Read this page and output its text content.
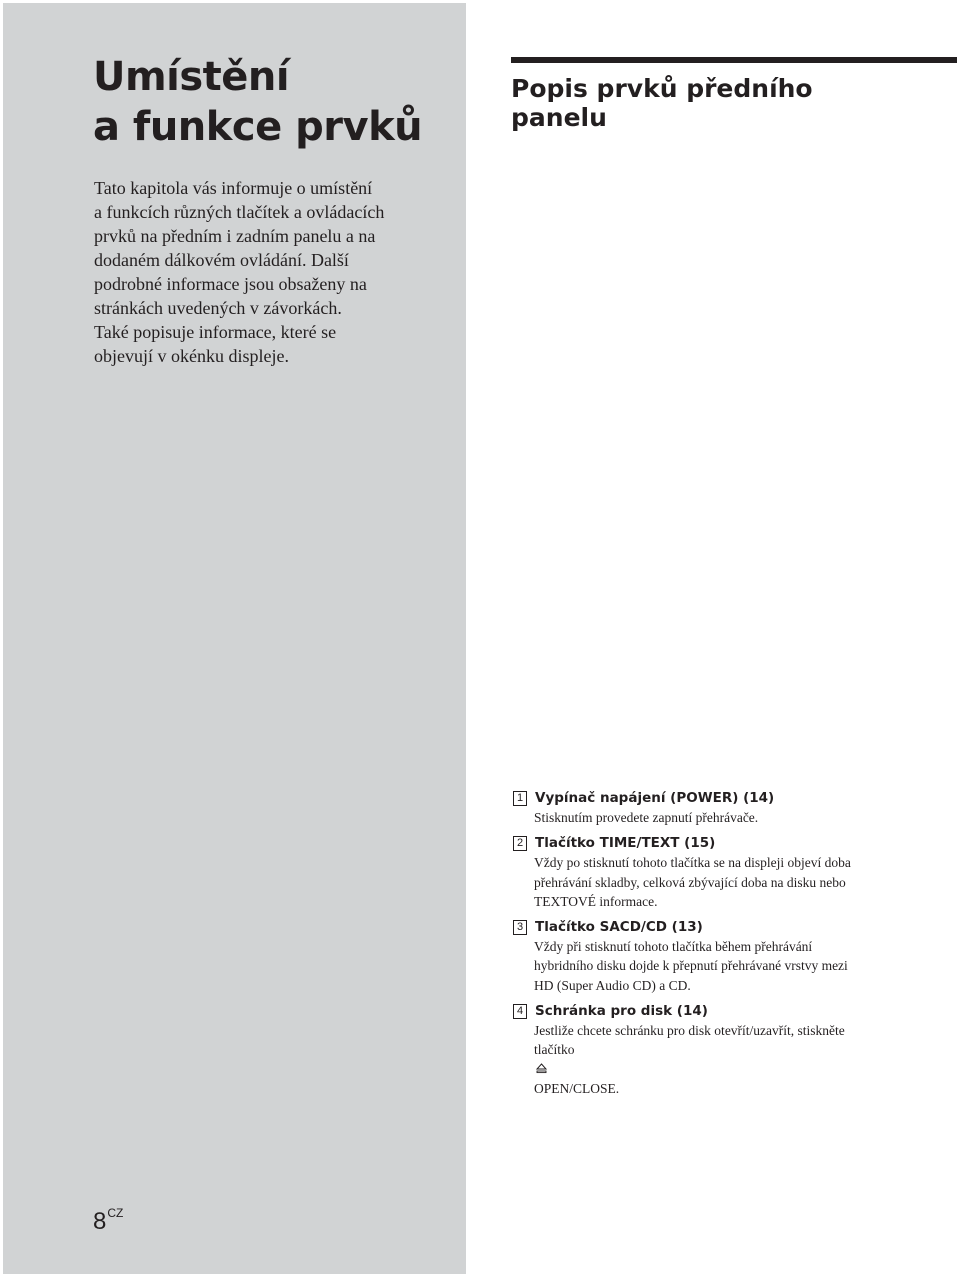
Umístění
a funkce prvků

Tato kapitola vás informuje o umístění
a funkcích různých tlačítek a ovládacích
prvků na předním i zadním panelu a na
dodaném dálkovém ovládání. Další
podrobné informace jsou obsaženy na
stránkách uvedených v závorkách.
Také popisuje informace, které se
objevují v okénku displeje.

$8^{CZ}$
Popis prvků předního
panelu
1 Vypínač napájení (POWER) (14)

Stisknutím provedete zapnutí přehrávače.

2 Tlačítko TIME/TEXT (15)

Vždy po stisknutí tohoto tlačítka se na displeji objeví doba
přehrávání skladby, celková zbývající doba na disku nebo
TEXTOVÉ informace.

3 Tlačítko SACD/CD (13)

Vždy při stisknutí tohoto tlačítka během přehrávání
hybridního disku dojde k přepnutí přehrávané vrstvy mezi
HD (Super Audio CD) a CD.

4 Schránka pro disk (14)

Jestliže chcete schránku pro disk otevřít/uzavřít, stiskněte
tlačítko
OPEN/CLOSE.
